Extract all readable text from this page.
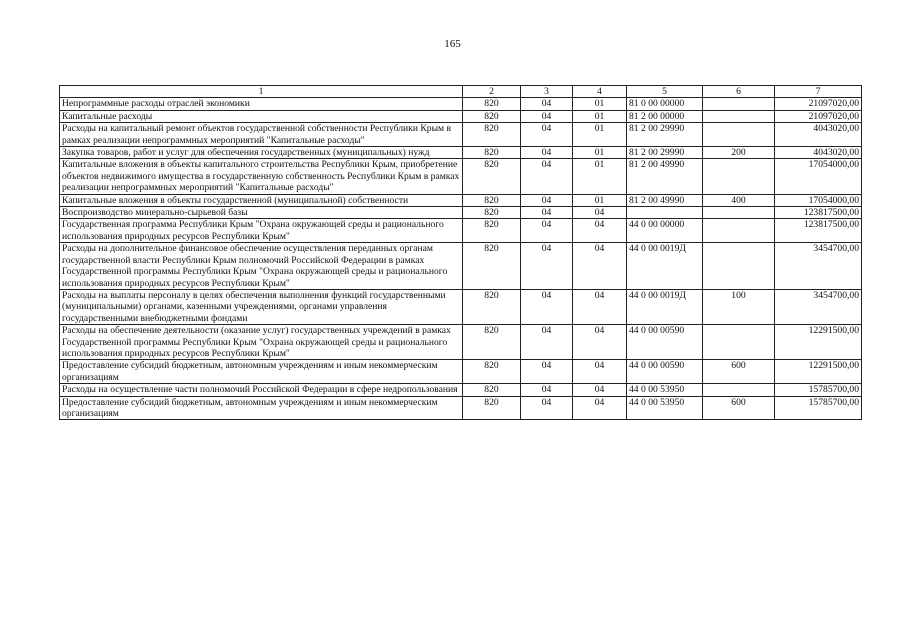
165
1	2	3	4	5	6	7
Непрограммные расходы отраслей экономики	820	04	01	81 0 00 00000		21097020,00
Капитальные расходы	820	04	01	81 2 00 00000		21097020,00
Расходы на капитальный ремонт объектов государственной собственности Республики Крым в рамках реализации непрограммных мероприятий "Капитальные расходы"	820	04	01	81 2 00 29990		4043020,00
Закупка товаров, работ и услуг для обеспечения государственных (муниципальных) нужд	820	04	01	81 2 00 29990	200	4043020,00
Капитальные вложения в объекты капитального строительства Республики Крым, приобретение объектов недвижимого имущества в государственную собственность Республики Крым в рамках реализации непрограммных мероприятий "Капитальные расходы"	820	04	01	81 2 00 49990		17054000,00
Капитальные вложения в объекты государственной (муниципальной) собственности	820	04	01	81 2 00 49990	400	17054000,00
Воспроизводство минерально-сырьевой базы	820	04	04			123817500,00
Государственная программа Республики Крым "Охрана окружающей среды и рационального использования природных ресурсов Республики Крым"	820	04	04	44 0 00 00000		123817500,00
Расходы на дополнительное финансовое обеспечение осуществления переданных органам государственной власти Республики Крым полномочий Российской Федерации в рамках Государственной программы Республики Крым "Охрана окружающей среды и рационального использования природных ресурсов Республики Крым"	820	04	04	44 0 00 0019Д		3454700,00
Расходы на выплаты персоналу в целях обеспечения выполнения функций государственными (муниципальными) органами, казенными учреждениями, органами управления государственными внебюджетными фондами	820	04	04	44 0 00 0019Д	100	3454700,00
Расходы на обеспечение деятельности (оказание услуг) государственных учреждений в рамках Государственной программы Республики Крым "Охрана окружающей среды и рационального использования природных ресурсов Республики Крым"	820	04	04	44 0 00 00590		12291500,00
Предоставление субсидий бюджетным, автономным учреждениям и иным некоммерческим организациям	820	04	04	44 0 00 00590	600	12291500,00
Расходы на осуществление части полномочий Российской Федерации в сфере недропользования	820	04	04	44 0 00 53950		15785700,00
Предоставление субсидий бюджетным, автономным учреждениям и иным некоммерческим организациям	820	04	04	44 0 00 53950	600	15785700,00
